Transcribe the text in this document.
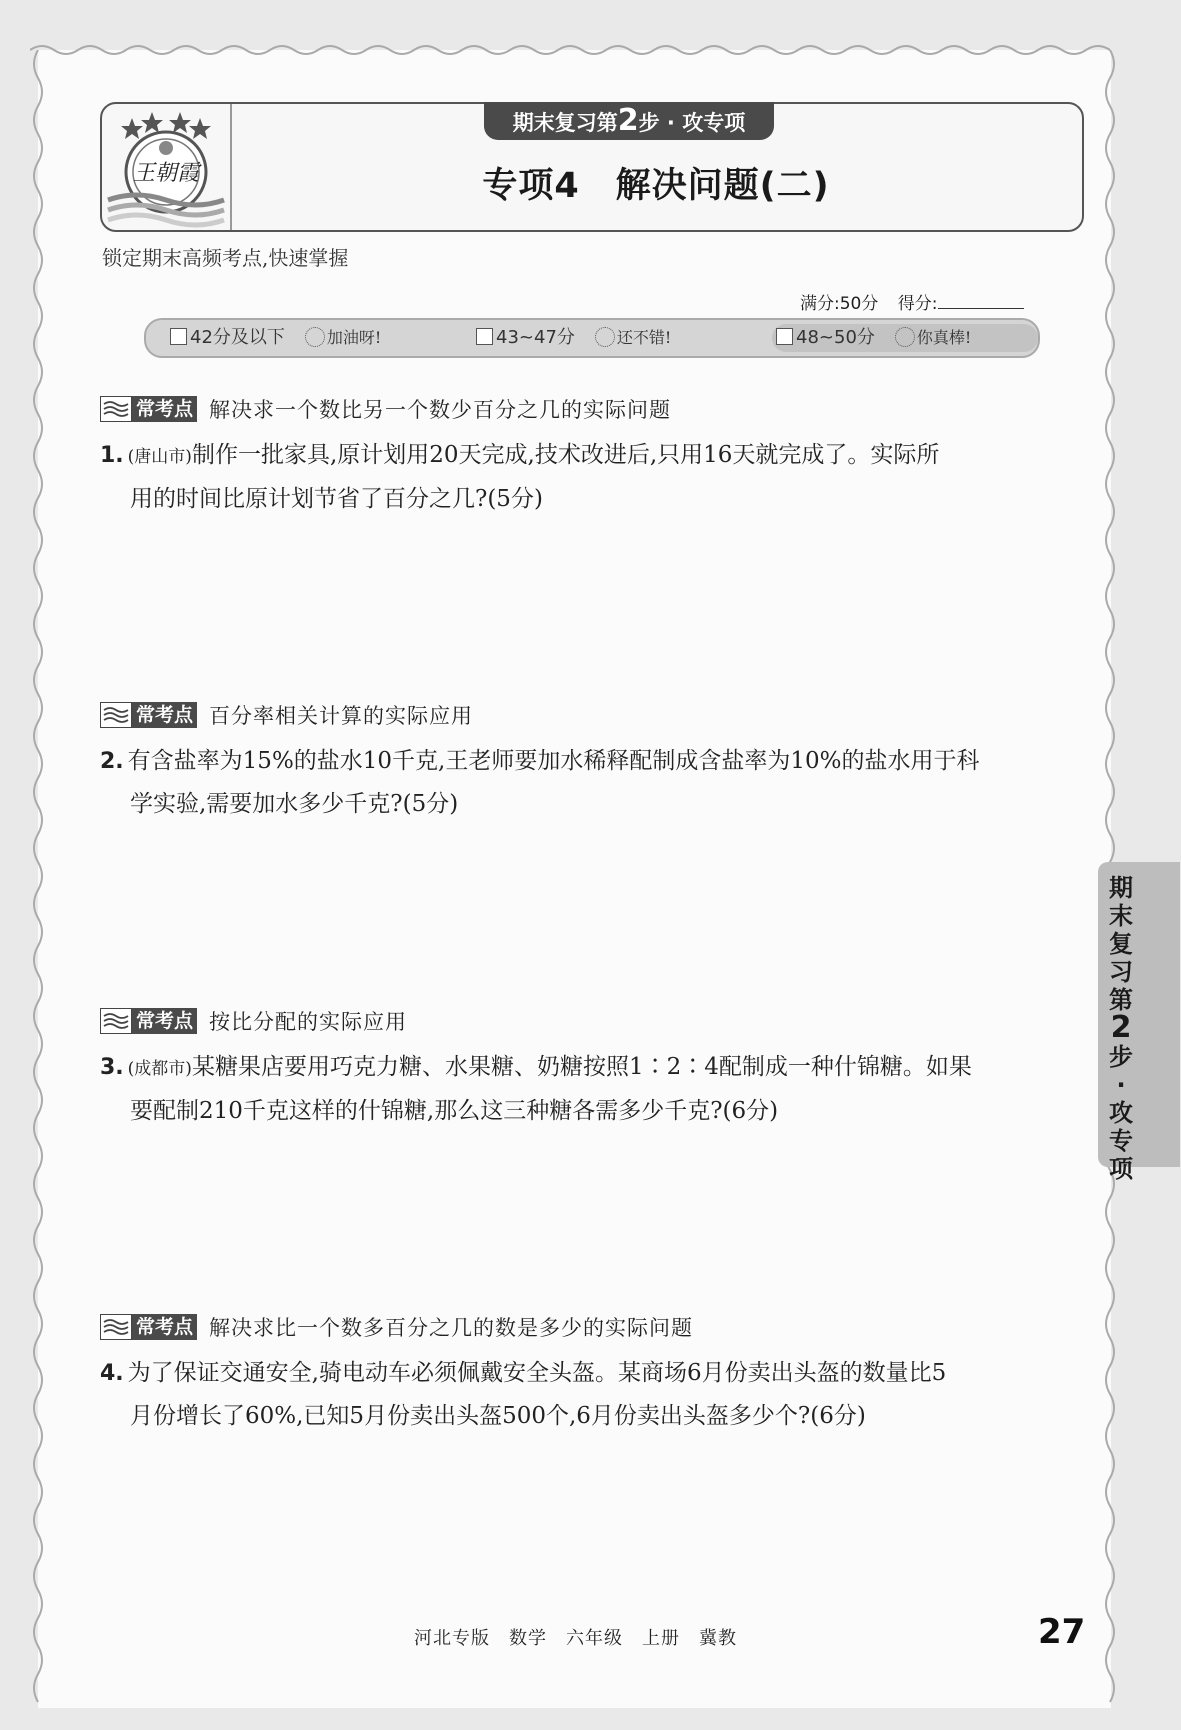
王朝霞
期末复习第2步 · 攻专项
专项4　解决问题(二)
锁定期末高频考点,快速掌握
满分:50分 得分:
42分及以下	加油呀!	43~47分	还不错!	48~50分	你真棒!
常考点 解决求一个数比另一个数少百分之几的实际问题
1. (唐山市)制作一批家具,原计划用20天完成,技术改进后,只用16天就完成了。实际所
用的时间比原计划节省了百分之几?(5分)
常考点 百分率相关计算的实际应用
2. 有含盐率为15%的盐水10千克,王老师要加水稀释配制成含盐率为10%的盐水用于科
学实验,需要加水多少千克?(5分)
常考点 按比分配的实际应用
3. (成都市)某糖果店要用巧克力糖、水果糖、奶糖按照1∶2∶4配制成一种什锦糖。如果
要配制210千克这样的什锦糖,那么这三种糖各需多少千克?(6分)
常考点 解决求比一个数多百分之几的数是多少的实际问题
4. 为了保证交通安全,骑电动车必须佩戴安全头盔。某商场6月份卖出头盔的数量比5
月份增长了60%,已知5月份卖出头盔500个,6月份卖出头盔多少个?(6分)
期末复习第2步·攻专项
河北专版　数学　六年级　上册　冀教	27
